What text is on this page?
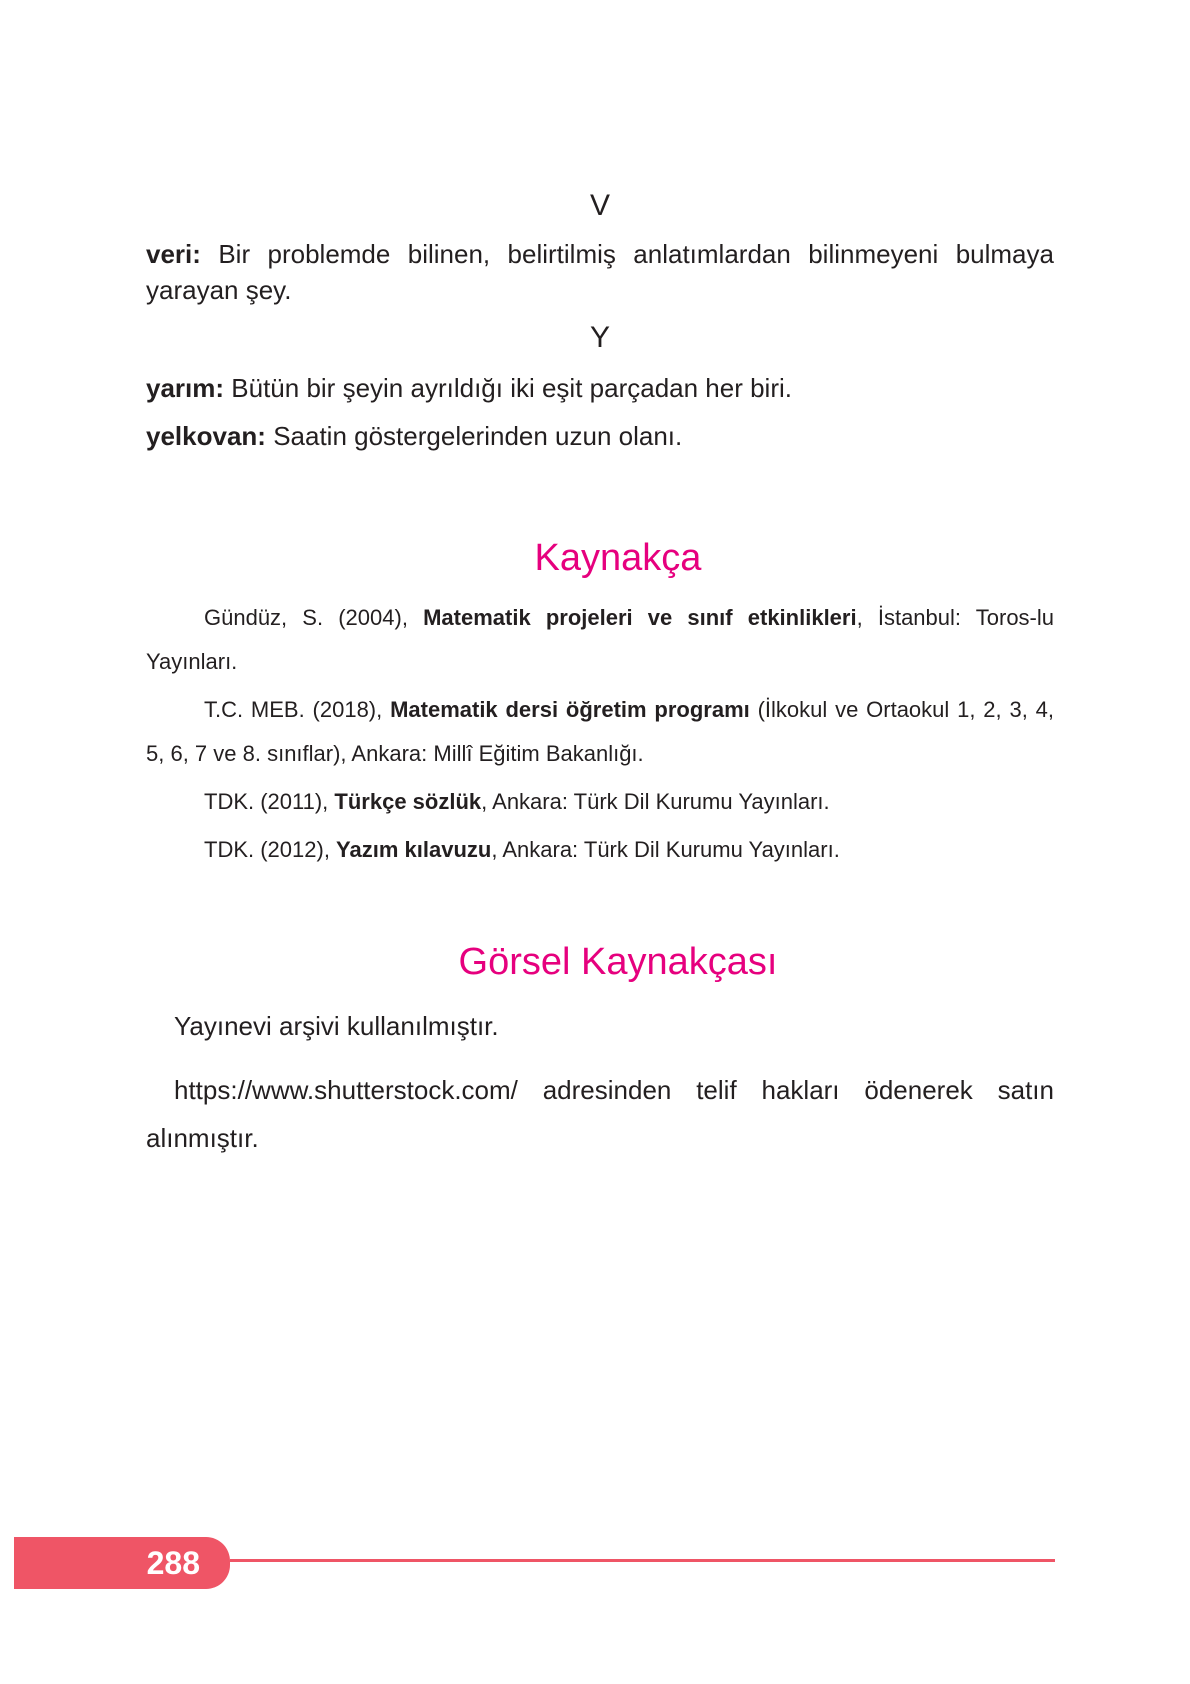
V

veri: Bir problemde bilinen, belirtilmiş anlatımlardan bilinmeyeni bulmaya yarayan şey.

Y

yarım: Bütün bir şeyin ayrıldığı iki eşit parçadan her biri.

yelkovan: Saatin göstergelerinden uzun olanı.

Kaynakça

Gündüz, S. (2004), Matematik projeleri ve sınıf etkinlikleri, İstanbul: Toros-lu Yayınları.

T.C. MEB. (2018), Matematik dersi öğretim programı (İlkokul ve Ortaokul 1, 2, 3, 4, 5, 6, 7 ve 8. sınıflar), Ankara: Millî Eğitim Bakanlığı.

TDK. (2011), Türkçe sözlük, Ankara: Türk Dil Kurumu Yayınları.

TDK. (2012), Yazım kılavuzu, Ankara: Türk Dil Kurumu Yayınları.

Görsel Kaynakçası

Yayınevi arşivi kullanılmıştır.

https://www.shutterstock.com/ adresinden telif hakları ödenerek satın alınmıştır.

288
